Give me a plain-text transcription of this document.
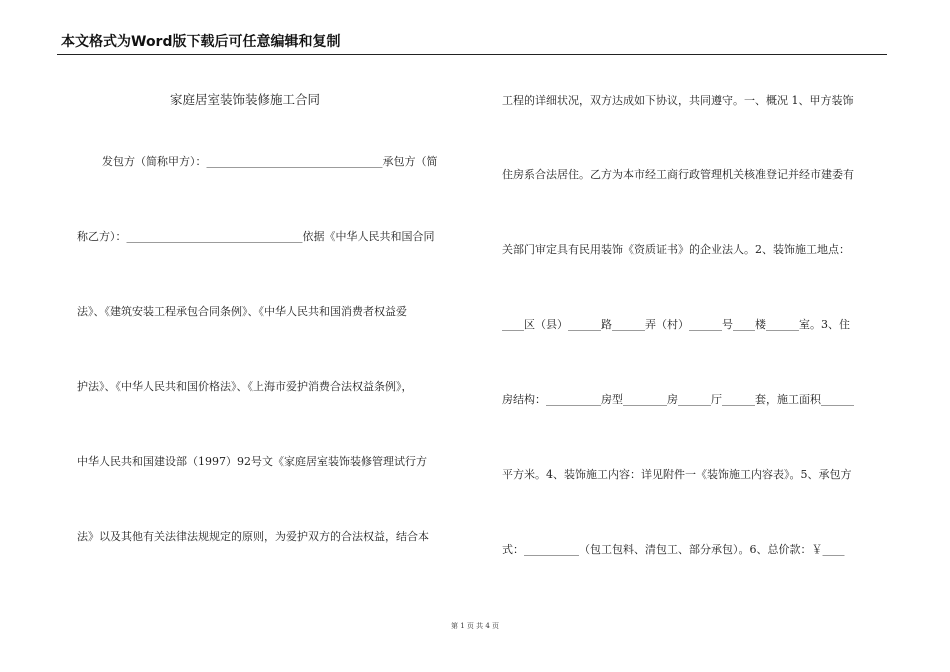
本文格式为Word版下载后可任意编辑和复制
家庭居室装饰装修施工合同
发包方（简称甲方）：________________________________承包方（简
称乙方）：________________________________依据《中华人民共和国合同
法》、《建筑安装工程承包合同条例》、《中华人民共和国消费者权益爱
护法》、《中华人民共和国价格法》、《上海市爱护消费合法权益条例》，
中华人民共和国建设部（1997）92号文《家庭居室装饰装修管理试行方
法》以及其他有关法律法规规定的原则，为爱护双方的合法权益，结合本
工程的详细状况，双方达成如下协议，共同遵守。一、概况 1、甲方装饰
住房系合法居住。乙方为本市经工商行政管理机关核准登记并经市建委有
关部门审定具有民用装饰《资质证书》的企业法人。2、装饰施工地点：
____区（县）______路______弄（村）______号____楼______室。3、住
房结构：__________房型________房______厅______套，施工面积______
平方米。4、装饰施工内容：详见附件一《装饰施工内容表》。5、承包方
式：__________（包工包料、清包工、部分承包）。6、总价款：￥____
第 1 页 共 4 页
